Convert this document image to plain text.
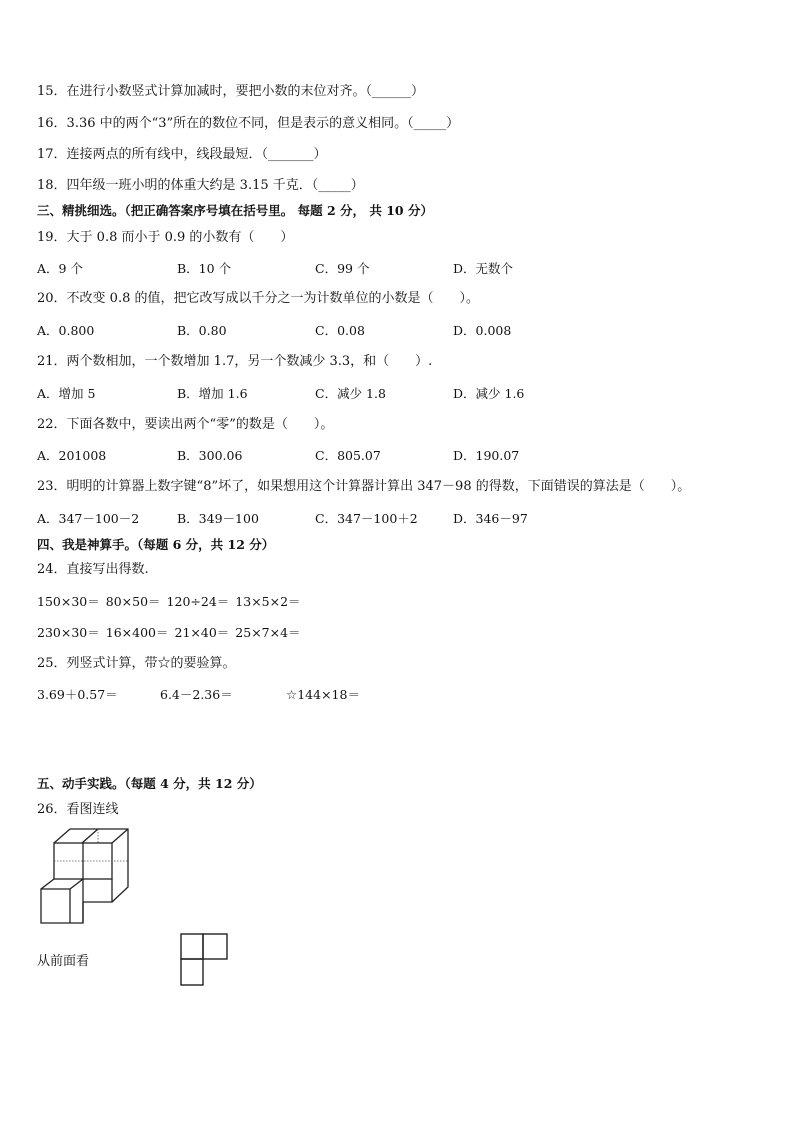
15．在进行小数竖式计算加减时，要把小数的末位对齐。（______）
16．3.36 中的两个“3”所在的数位不同，但是表示的意义相同。（_____）
17．连接两点的所有线中，线段最短．（_______）
18．四年级一班小明的体重大约是 3.15 千克．（_____）
三、精挑细选。（把正确答案序号填在括号里。 每题 2 分， 共 10 分）
19．大于 0.8 而小于 0.9 的小数有（　　）
A．9 个	B．10 个	C．99 个	D．无数个
20．不改变 0.8 的值，把它改写成以千分之一为计数单位的小数是（　　）。
A．0.800	B．0.80	C．0.08	D．0.008
21．两个数相加，一个数增加 1.7，另一个数减少 3.3，和（　　）.
A．增加 5	B．增加 1.6	C．减少 1.8	D．减少 1.6
22．下面各数中，要读出两个“零”的数是（　　）。
A．201008	B．300.06	C．805.07	D．190.07
23．明明的计算器上数字键“8”坏了，如果想用这个计算器计算出 347－98 的得数，下面错误的算法是（　　）。
A．347－100－2	B．349－100	C．347－100＋2	D．346－97
四、我是神算手。（每题 6 分，共 12 分）
24．直接写出得数.
150×30＝ 80×50＝ 120÷24＝ 13×5×2＝
230×30＝ 16×400＝ 21×40＝ 25×7×4＝
25．列竖式计算，带☆的要验算。
3.69＋0.57＝	6.4－2.36＝	☆144×18＝
五、动手实践。（每题 4 分，共 12 分）
26．看图连线
从前面看
